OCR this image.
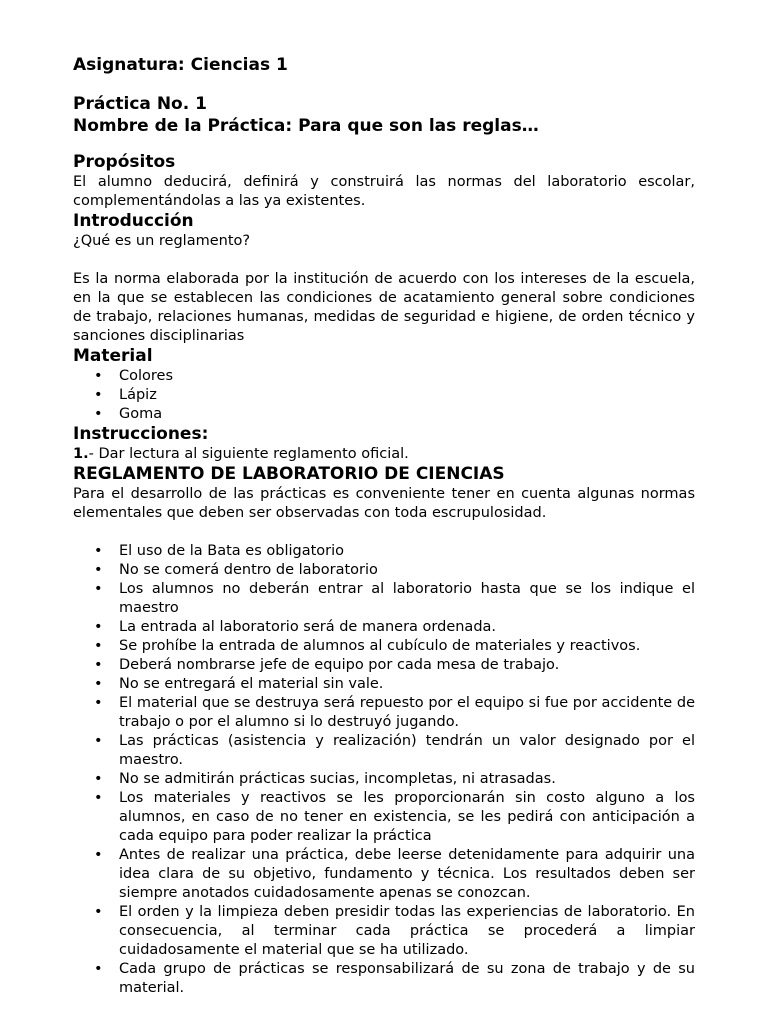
Asignatura: Ciencias 1
Práctica No. 1
Nombre de la Práctica: Para que son las reglas…
Propósitos

El alumno deducirá, definirá y construirá las normas del laboratorio escolar, complementándolas a las ya existentes.

Introducción

¿Qué es un reglamento?

Es la norma elaborada por la institución de acuerdo con los intereses de la escuela, en la que se establecen las condiciones de acatamiento general sobre condiciones de trabajo, relaciones humanas, medidas de seguridad e higiene, de orden técnico y sanciones disciplinarias

Material
• Colores
• Lápiz
• Goma
Instrucciones:

1.- Dar lectura al siguiente reglamento oficial.

REGLAMENTO DE LABORATORIO DE CIENCIAS

Para el desarrollo de las prácticas es conveniente tener en cuenta algunas normas elementales que deben ser observadas con toda escrupulosidad.

• El uso de la Bata es obligatorio
• No se comerá dentro de laboratorio
• Los alumnos no deberán entrar al laboratorio hasta que se los indique el maestro
• La entrada al laboratorio será de manera ordenada.
• Se prohíbe la entrada de alumnos al cubículo de materiales y reactivos.
• Deberá nombrarse jefe de equipo por cada mesa de trabajo.
• No se entregará el material sin vale.
• El material que se destruya será repuesto por el equipo si fue por accidente de trabajo o por el alumno si lo destruyó jugando.
• Las prácticas (asistencia y realización) tendrán un valor designado por el maestro.
• No se admitirán prácticas sucias, incompletas, ni atrasadas.
• Los materiales y reactivos se les proporcionarán sin costo alguno a los alumnos, en caso de no tener en existencia, se les pedirá con anticipación a cada equipo para poder realizar la práctica
• Antes de realizar una práctica, debe leerse detenidamente para adquirir una idea clara de su objetivo, fundamento y técnica. Los resultados deben ser siempre anotados cuidadosamente apenas se conozcan.
• El orden y la limpieza deben presidir todas las experiencias de laboratorio. En consecuencia, al terminar cada práctica se procederá a limpiar cuidadosamente el material que se ha utilizado.
• Cada grupo de prácticas se responsabilizará de su zona de trabajo y de su material.
